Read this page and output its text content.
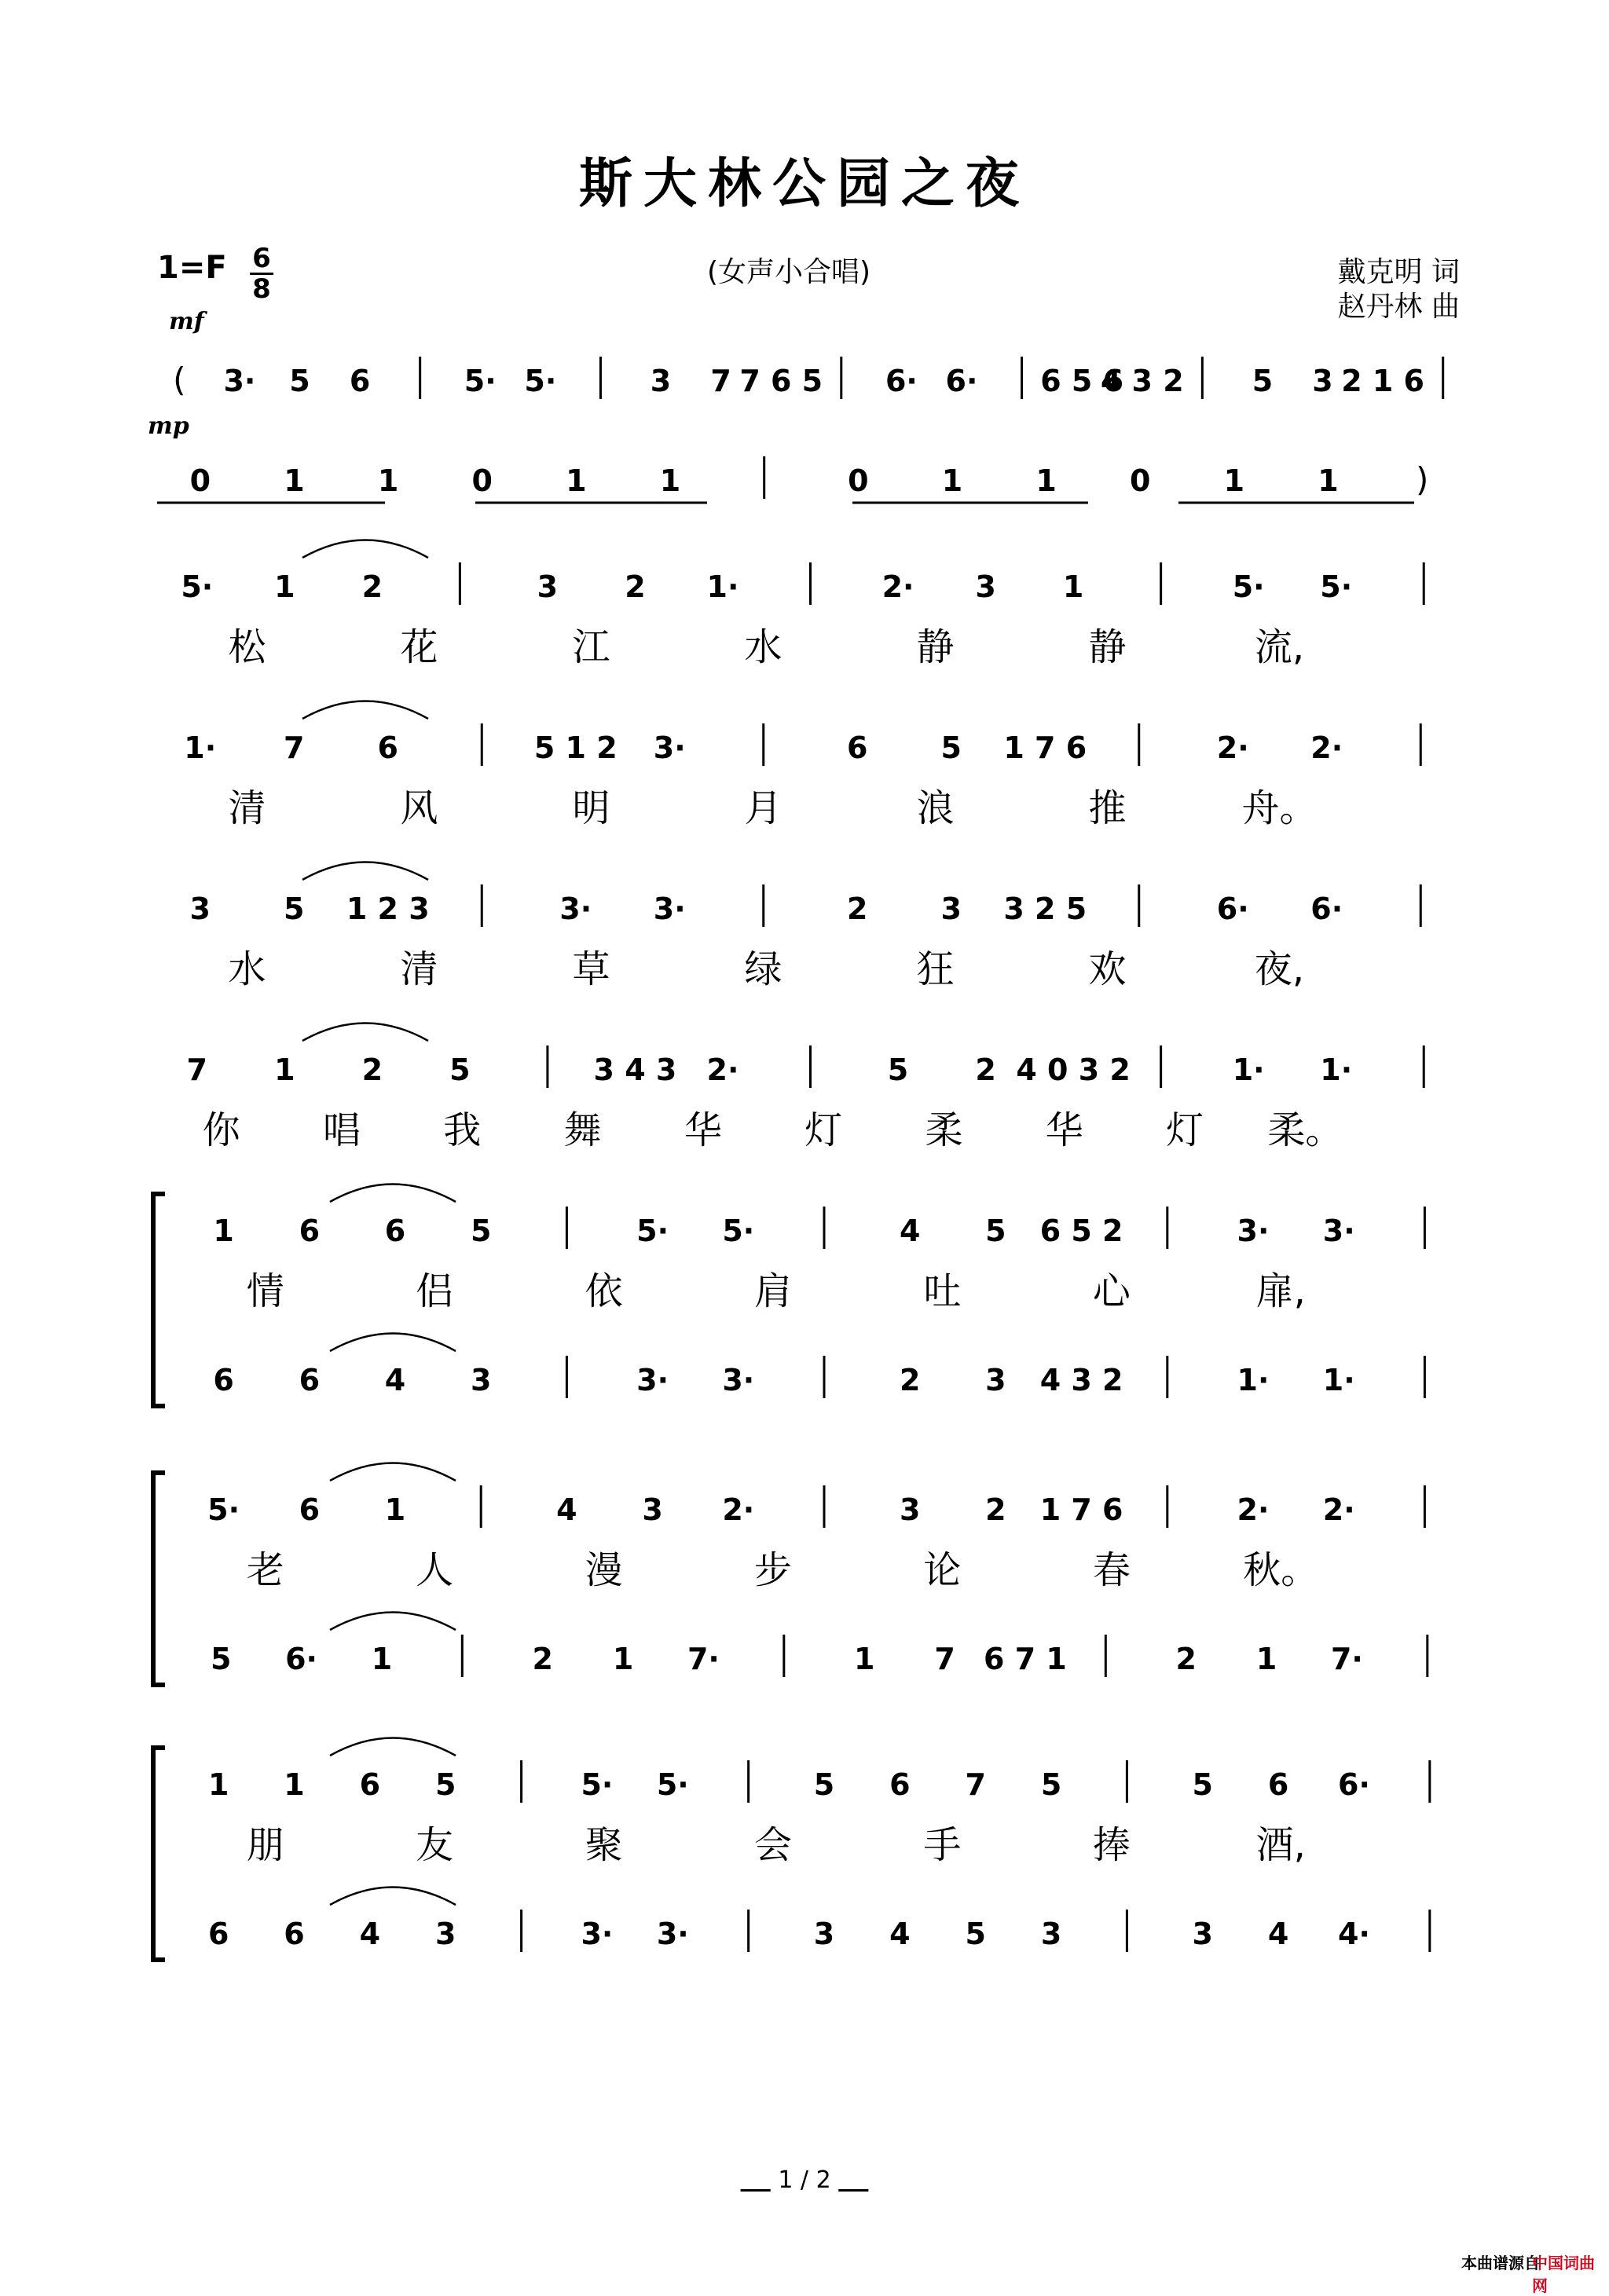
斯大林公园之夜
1=F 6
8
(女声小合唱)	戴克明 词
赵丹林 曲
mf
mp
( 3· 5 6	5· 5·	3 7 7 6 5 6· 6· 6 5 6
4 3 2 5 3 2 1 6
0 1 1 0 1 1	0 1 1 0 1 1 )
5· 1 2	3 2 1·	2· 3 1	5· 5·
松	花	江	水	静	静	流,
1· 7 6	5 1 2 3·	6 5 1 7 6	2· 2·
清	风	明	月	浪	推	舟。
3 5 1 2 3	3· 3·	2 3 3 2 5	6· 6·
水	清	草	绿	狂	欢	夜,
7 1 2 5	3 4 3 2·	5 2 4 0 3 2	1· 1·
你 唱 我 舞 华 灯 柔 华 灯 柔。
1 6 6 5	5· 5·	4 5 6 5 2	3· 3·
情	侣	依	肩	吐	心	扉,
6 6 4 3	3· 3·	2 3 4 3 2	1· 1·
5· 6 1	4 3 2·	3 2 1 7 6	2· 2·
老	人	漫	步	论	春	秋。
5 6· 1	2 1 7·	1 7 6 7 1	2 1 7·
1 1 6 5	5· 5·	5 6 7 5	5 6 6·
朋	友	聚	会	手	捧	酒,
6 6 4 3	3· 3·	3 4 5 3	3 4 4·
1 / 2
本曲谱源自
中国词曲网
